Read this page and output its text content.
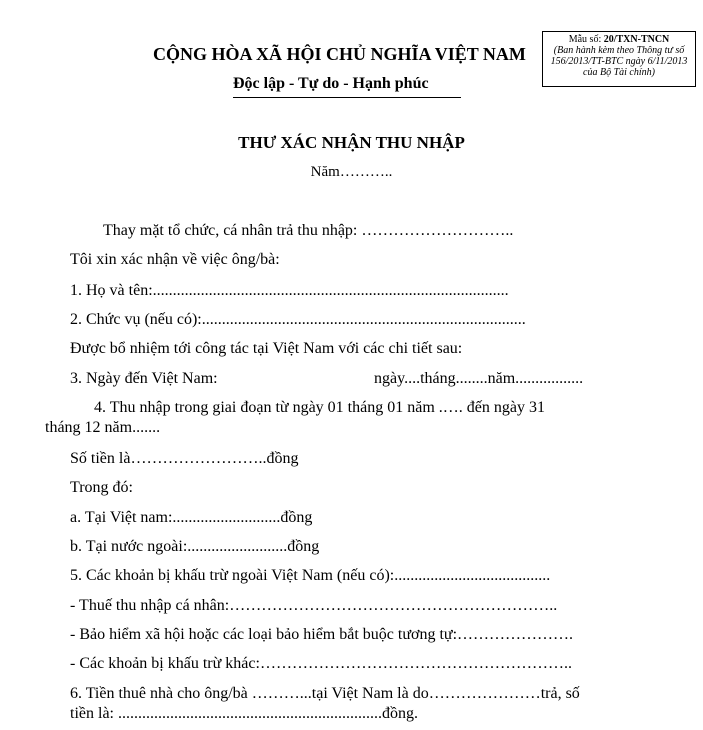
Mẫu số: 20/TXN-TNCN
(Ban hành kèm theo Thông tư số 156/2013/TT-BTC ngày 6/11/2013 của Bộ Tài chính)
CỘNG HÒA XÃ HỘI CHỦ NGHĨA VIỆT NAM
Độc lập - Tự do - Hạnh phúc
THƯ XÁC NHẬN THU NHẬP
Năm………..
Thay mặt tổ chức, cá nhân trả thu nhập: ………………………..
Tôi xin xác nhận về việc ông/bà:
1. Họ và tên:.........................................................................................
2. Chức vụ (nếu có):.................................................................................
Được bổ nhiệm tới công tác tại Việt Nam với các chi tiết sau:
3. Ngày đến Việt Nam:	ngày....tháng........năm.................
4. Thu nhập trong giai đoạn từ ngày 01 tháng 01 năm .…. đến ngày 31
tháng 12 năm.......
Số tiền là……………………..đồng
Trong đó:
a. Tại Việt nam:...........................đồng
b. Tại nước ngoài:.........................đồng
5. Các khoản bị khấu trừ ngoài Việt Nam (nếu có):.......................................
- Thuế thu nhập cá nhân:……………………………………………………..
- Bảo hiểm xã hội hoặc các loại bảo hiểm bắt buộc tương tự:………………….
- Các khoản bị khấu trừ khác:…………………………………………………..
6. Tiền thuê nhà cho ông/bà ………...tại Việt Nam là do…………………trả, số
tiền là: ..................................................................đồng.
